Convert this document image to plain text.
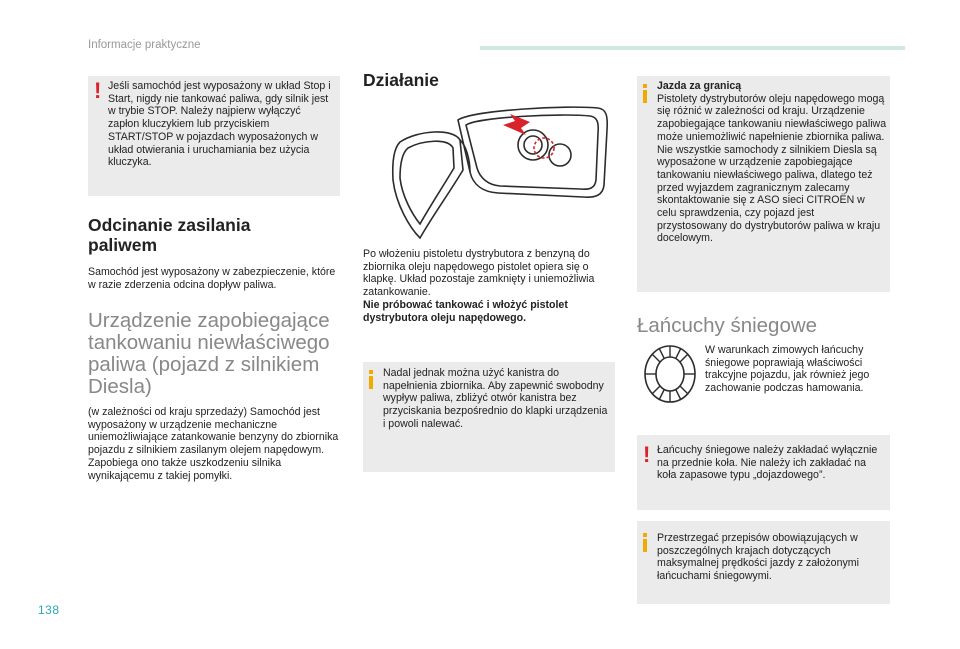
Informacje praktyczne
! Jeśli samochód jest wyposażony w układ Stop i Start, nigdy nie tankować paliwa, gdy silnik jest w trybie STOP. Należy najpierw wyłączyć zapłon kluczykiem lub przyciskiem START/STOP w pojazdach wyposażonych w układ otwierania i uruchamiania bez użycia kluczyka.
Odcinanie zasilania paliwem
Samochód jest wyposażony w zabezpieczenie, które w razie zderzenia odcina dopływ paliwa.
Urządzenie zapobiegające tankowaniu niewłaściwego paliwa (pojazd z silnikiem Diesla)
(w zależności od kraju sprzedaży) Samochód jest wyposażony w urządzenie mechaniczne uniemożliwiające zatankowanie benzyny do zbiornika pojazdu z silnikiem zasilanym olejem napędowym. Zapobiega ono także uszkodzeniu silnika wynikającemu z takiej pomyłki.
Działanie
Po włożeniu pistoletu dystrybutora z benzyną do zbiornika oleju napędowego pistolet opiera się o klapkę. Układ pozostaje zamknięty i uniemożliwia zatankowanie.
Nie próbować tankować i włożyć pistolet dystrybutora oleju napędowego.
Nadal jednak można użyć kanistra do napełnienia zbiornika. Aby zapewnić swobodny wypływ paliwa, zbliżyć otwór kanistra bez przyciskania bezpośrednio do klapki urządzenia i powoli nalewać.
Jazda za granicą
Pistolety dystrybutorów oleju napędowego mogą się różnić w zależności od kraju. Urządzenie zapobiegające tankowaniu niewłaściwego paliwa może uniemożliwić napełnienie zbiornika paliwa. Nie wszystkie samochody z silnikiem Diesla są wyposażone w urządzenie zapobiegające tankowaniu niewłaściwego paliwa, dlatego też przed wyjazdem zagranicznym zalecamy skontaktowanie się z ASO sieci CITROËN w celu sprawdzenia, czy pojazd jest przystosowany do dystrybutorów paliwa w kraju docelowym.
Łańcuchy śniegowe
W warunkach zimowych łańcuchy śniegowe poprawiają właściwości trakcyjne pojazdu, jak również jego zachowanie podczas hamowania.
! Łańcuchy śniegowe należy zakładać wyłącznie na przednie koła. Nie należy ich zakładać na koła zapasowe typu „dojazdowego”.
Przestrzegać przepisów obowiązujących w poszczególnych krajach dotyczących maksymalnej prędkości jazdy z założonymi łańcuchami śniegowymi.
138
